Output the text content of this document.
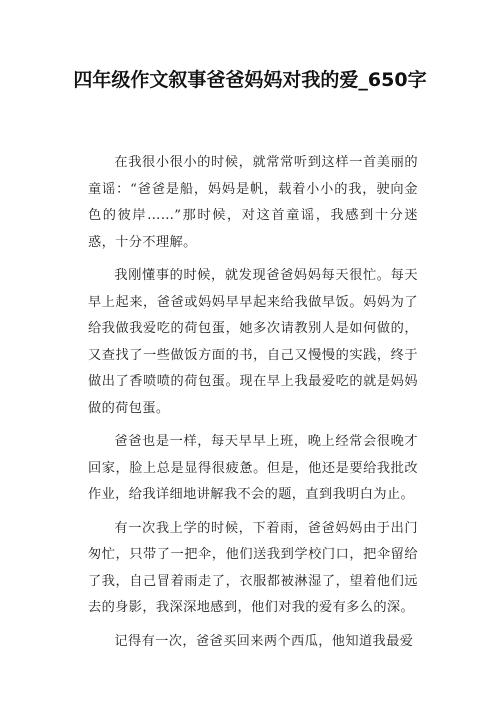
四年级作文叙事爸爸妈妈对我的爱_650字

在我很小很小的时候，就常常听到这样一首美丽的童谣：“爸爸是船，妈妈是帆，载着小小的我，驶向金色的彼岸……”那时候，对这首童谣，我感到十分迷惑，十分不理解。

我刚懂事的时候，就发现爸爸妈妈每天很忙。每天早上起来，爸爸或妈妈早早起来给我做早饭。妈妈为了给我做我爱吃的荷包蛋，她多次请教别人是如何做的，又查找了一些做饭方面的书，自己又慢慢的实践，终于做出了香喷喷的荷包蛋。现在早上我最爱吃的就是妈妈做的荷包蛋。

爸爸也是一样，每天早早上班，晚上经常会很晚才回家，脸上总是显得很疲惫。但是，他还是要给我批改作业，给我详细地讲解我不会的题，直到我明白为止。

有一次我上学的时候，下着雨，爸爸妈妈由于出门匆忙，只带了一把伞，他们送我到学校门口，把伞留给了我，自己冒着雨走了，衣服都被淋湿了，望着他们远去的身影，我深深地感到，他们对我的爱有多么的深。

记得有一次，爸爸买回来两个西瓜，他知道我最爱
